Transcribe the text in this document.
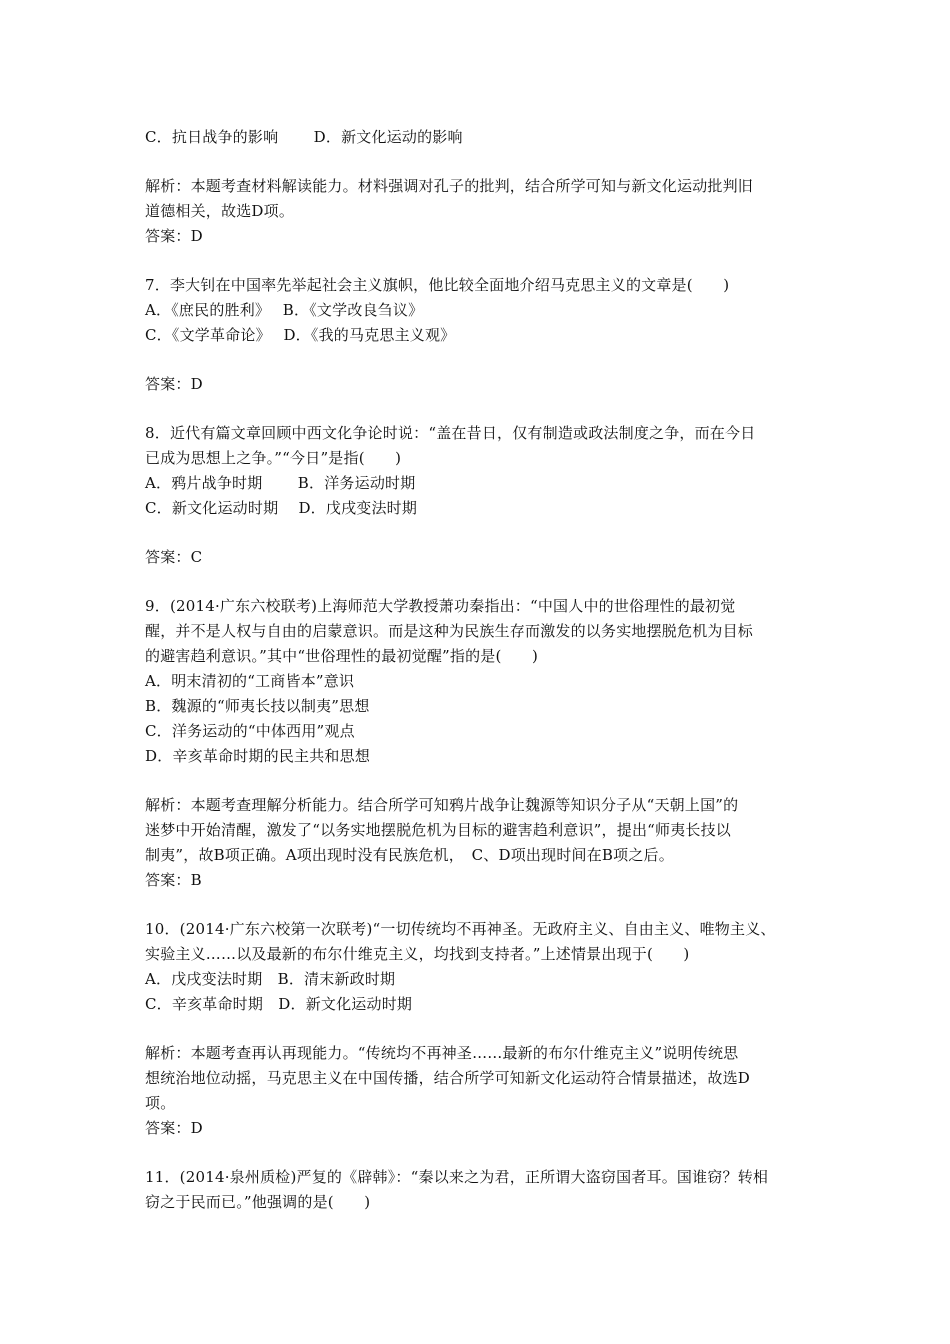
C．抗日战争的影响　　 D．新文化运动的影响
解析：本题考查材料解读能力。材料强调对孔子的批判，结合所学可知与新文化运动批判旧
道德相关，故选D项。
答案：D
7．李大钊在中国率先举起社会主义旗帜，他比较全面地介绍马克思主义的文章是(　　)
A．《庶民的胜利》　 B．《文学改良刍议》
C．《文学革命论》　 D．《我的马克思主义观》
答案：D
8．近代有篇文章回顾中西文化争论时说：“盖在昔日，仅有制造或政法制度之争，而在今日
已成为思想上之争。”“今日”是指(　　)
A．鸦片战争时期　　 B．洋务运动时期
C．新文化运动时期　 D．戊戌变法时期
答案：C
9．(2014·广东六校联考)上海师范大学教授萧功秦指出：“中国人中的世俗理性的最初觉
醒，并不是人权与自由的启蒙意识。而是这种为民族生存而激发的以务实地摆脱危机为目标
的避害趋利意识。”其中“世俗理性的最初觉醒”指的是(　　)
A．明末清初的“工商皆本”意识
B．魏源的“师夷长技以制夷”思想
C．洋务运动的“中体西用”观点
D．辛亥革命时期的民主共和思想
解析：本题考查理解分析能力。结合所学可知鸦片战争让魏源等知识分子从“天朝上国”的
迷梦中开始清醒，激发了“以务实地摆脱危机为目标的避害趋利意识”，提出“师夷长技以
制夷”，故B项正确。A项出现时没有民族危机，　C、D项出现时间在B项之后。
答案：B
10．(2014·广东六校第一次联考)“一切传统均不再神圣。无政府主义、自由主义、唯物主义、
实验主义……以及最新的布尔什维克主义，均找到支持者。”上述情景出现于(　　)
A．戊戌变法时期　B．清末新政时期
C．辛亥革命时期　D．新文化运动时期
解析：本题考查再认再现能力。“传统均不再神圣……最新的布尔什维克主义”说明传统思
想统治地位动摇，马克思主义在中国传播，结合所学可知新文化运动符合情景描述，故选D
项。
答案：D
11．(2014·泉州质检)严复的《辟韩》：“秦以来之为君，正所谓大盗窃国者耳。国谁窃？转相
窃之于民而已。”他强调的是(　　)
